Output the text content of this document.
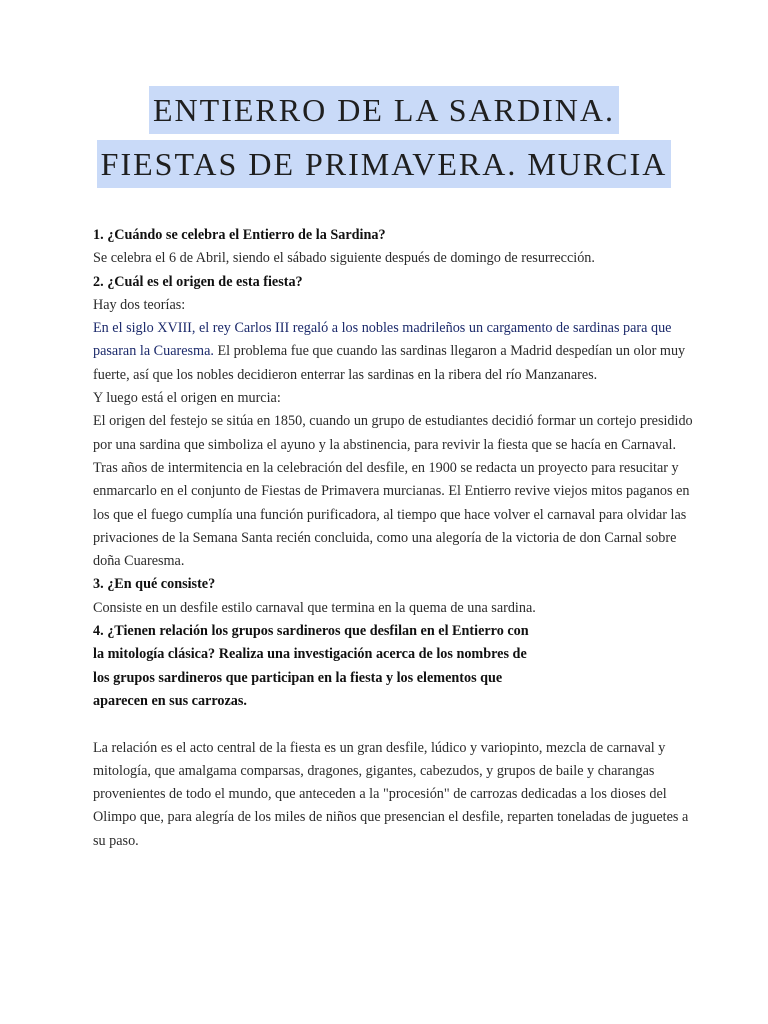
ENTIERRO DE LA SARDINA.
FIESTAS DE PRIMAVERA. MURCIA

1. ¿Cuándo se celebra el Entierro de la Sardina?

Se celebra el 6 de Abril, siendo el sábado siguiente después de domingo de resurrección.

2. ¿Cuál es el origen de esta fiesta?

Hay dos teorías:

En el siglo XVIII, el rey Carlos III regaló a los nobles madrileños un cargamento de sardinas para que pasaran la Cuaresma. El problema fue que cuando las sardinas llegaron a Madrid despedían un olor muy fuerte, así que los nobles decidieron enterrar las sardinas en la ribera del río Manzanares.

Y luego está el origen en murcia:

El origen del festejo se sitúa en 1850, cuando un grupo de estudiantes decidió formar un cortejo presidido por una sardina que simboliza el ayuno y la abstinencia, para revivir la fiesta que se hacía en Carnaval. Tras años de intermitencia en la celebración del desfile, en 1900 se redacta un proyecto para resucitar y enmarcarlo en el conjunto de Fiestas de Primavera murcianas. El Entierro revive viejos mitos paganos en los que el fuego cumplía una función purificadora, al tiempo que hace volver el carnaval para olvidar las privaciones de la Semana Santa recién concluida, como una alegoría de la victoria de don Carnal sobre doña Cuaresma.

3. ¿En qué consiste?

Consiste en un desfile estilo carnaval que termina en la quema de una sardina.

4. ¿Tienen relación los grupos sardineros que desfilan en el Entierro con

la mitología clásica? Realiza una investigación acerca de los nombres de

los grupos sardineros que participan en la fiesta y los elementos que

aparecen en sus carrozas.

La relación es el acto central de la fiesta es un gran desfile, lúdico y variopinto, mezcla de carnaval y mitología, que amalgama comparsas, dragones, gigantes, cabezudos, y grupos de baile y charangas provenientes de todo el mundo, que anteceden a la "procesión" de carrozas dedicadas a los dioses del Olimpo que, para alegría de los miles de niños que presencian el desfile, reparten toneladas de juguetes a su paso.
